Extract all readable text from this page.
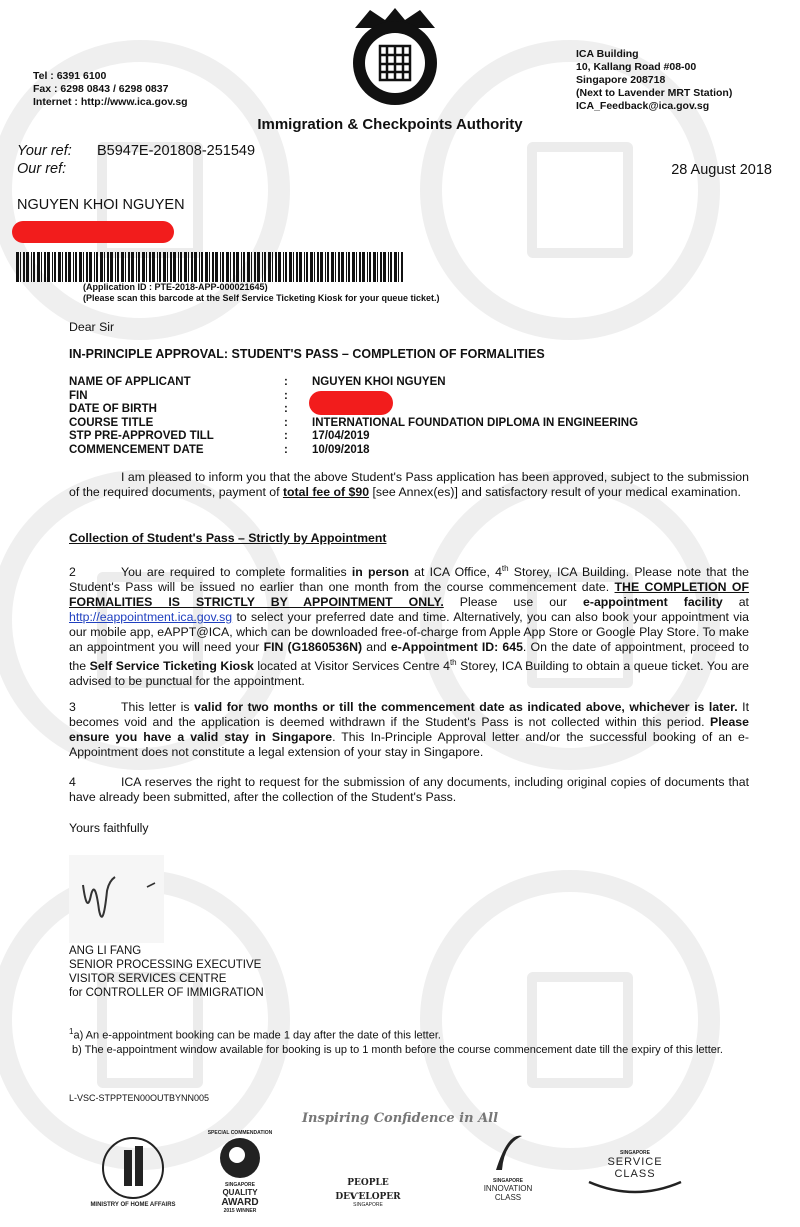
Tel : 6391 6100
Fax : 6298 0843 / 6298 0837
Internet : http://www.ica.gov.sg
ICA Building
10, Kallang Road #08-00
Singapore 208718
(Next to Lavender MRT Station)
ICA_Feedback@ica.gov.sg
Immigration & Checkpoints Authority
Your ref: B5947E-201808-251549
Our ref:	28 August 2018
NGUYEN KHOI NGUYEN
(Application ID : PTE-2018-APP-000021645)
(Please scan this barcode at the Self Service Ticketing Kiosk for your queue ticket.)
Dear Sir
IN-PRINCIPLE APPROVAL: STUDENT'S PASS – COMPLETION OF FORMALITIES
NAME OF APPLICANT	:	NGUYEN KHOI NGUYEN
FIN	:
DATE OF BIRTH	:
COURSE TITLE	:	INTERNATIONAL FOUNDATION DIPLOMA IN ENGINEERING
STP PRE-APPROVED TILL	:	17/04/2019
COMMENCEMENT DATE	:	10/09/2018

I am pleased to inform you that the above Student's Pass application has been approved, subject to the submission of the required documents, payment of total fee of $90 [see Annex(es)] and satisfactory result of your medical examination.

Collection of Student's Pass – Strictly by Appointment

2	You are required to complete formalities in person at ICA Office, 4th Storey, ICA Building. Please note that the Student's Pass will be issued no earlier than one month from the course commencement date. THE COMPLETION OF FORMALITIES IS STRICTLY BY APPOINTMENT ONLY. Please use our e-appointment facility at http://eappointment.ica.gov.sg to select your preferred date and time. Alternatively, you can also book your appointment via our mobile app, eAPPT@ICA, which can be downloaded free-of-charge from Apple App Store or Google Play Store. To make an appointment you will need your FIN (G1860536N) and e-Appointment ID: 645. On the date of appointment, proceed to the Self Service Ticketing Kiosk located at Visitor Services Centre 4th Storey, ICA Building to obtain a queue ticket. You are advised to be punctual for the appointment.

3	This letter is valid for two months or till the commencement date as indicated above, whichever is later. It becomes void and the application is deemed withdrawn if the Student's Pass is not collected within this period. Please ensure you have a valid stay in Singapore. This In-Principle Approval letter and/or the successful booking of an e-Appointment does not constitute a legal extension of your stay in Singapore.

4	ICA reserves the right to request for the submission of any documents, including original copies of documents that have already been submitted, after the collection of the Student's Pass.

Yours faithfully
ANG LI FANG
SENIOR PROCESSING EXECUTIVE
VISITOR SERVICES CENTRE
for CONTROLLER OF IMMIGRATION
$^1$a) An e-appointment booking can be made 1 day after the date of this letter.
b) The e-appointment window available for booking is up to 1 month before the course commencement date till the expiry of this letter.
L-VSC-STPPTEN00OUTBYNN005
Inspiring Confidence in All
MINISTRY OF HOME AFFAIRS
SPECIAL COMMENDATION
SINGAPORE
QUALITY
AWARD
2015 WINNER
PEOPLE DEⱱELOPER
SINGAPORE
SINGAPORE
INNOVATION
CLASS
SINGAPORE
SERVICE
CLASS
